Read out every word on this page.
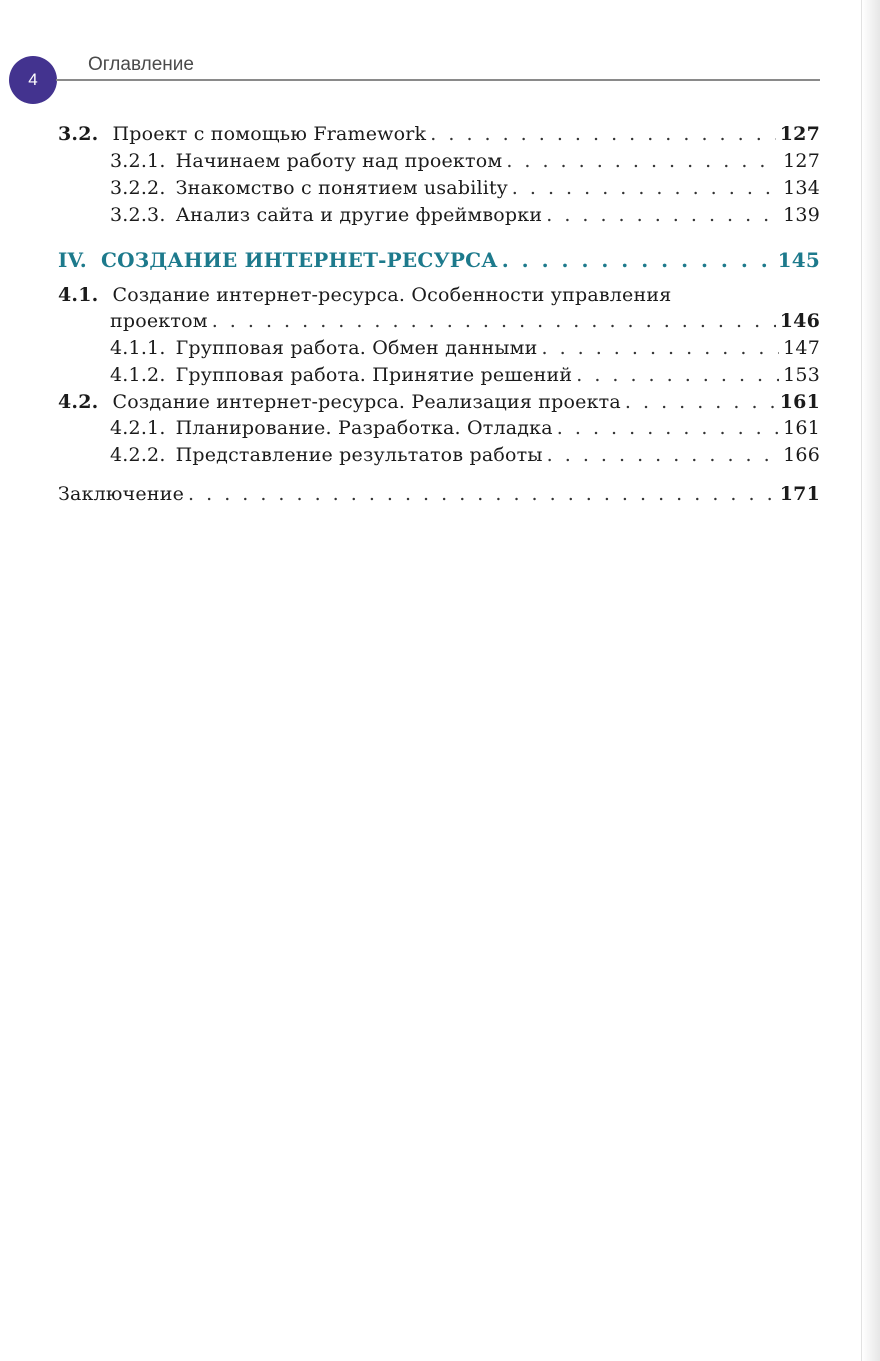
4
Оглавление
3.2. Проект с помощью Framework . . .	127
3.2.1. Начинаем работу над проектом . . .	127
3.2.2. Знакомство с понятием usability . . .	134
3.2.3. Анализ сайта и другие фреймворки . . .	139
IV. СОЗДАНИЕ ИНТЕРНЕТ-РЕСУРСА . . .	145
4.1. Создание интернет-ресурса. Особенности управления
проектом . . .	146
4.1.1. Групповая работа. Обмен данными . . .	147
4.1.2. Групповая работа. Принятие решений . . .	153
4.2. Создание интернет-ресурса. Реализация проекта . . .	161
4.2.1. Планирование. Разработка. Отладка . . .	161
4.2.2. Представление результатов работы . . .	166
Заключение . . .	171
